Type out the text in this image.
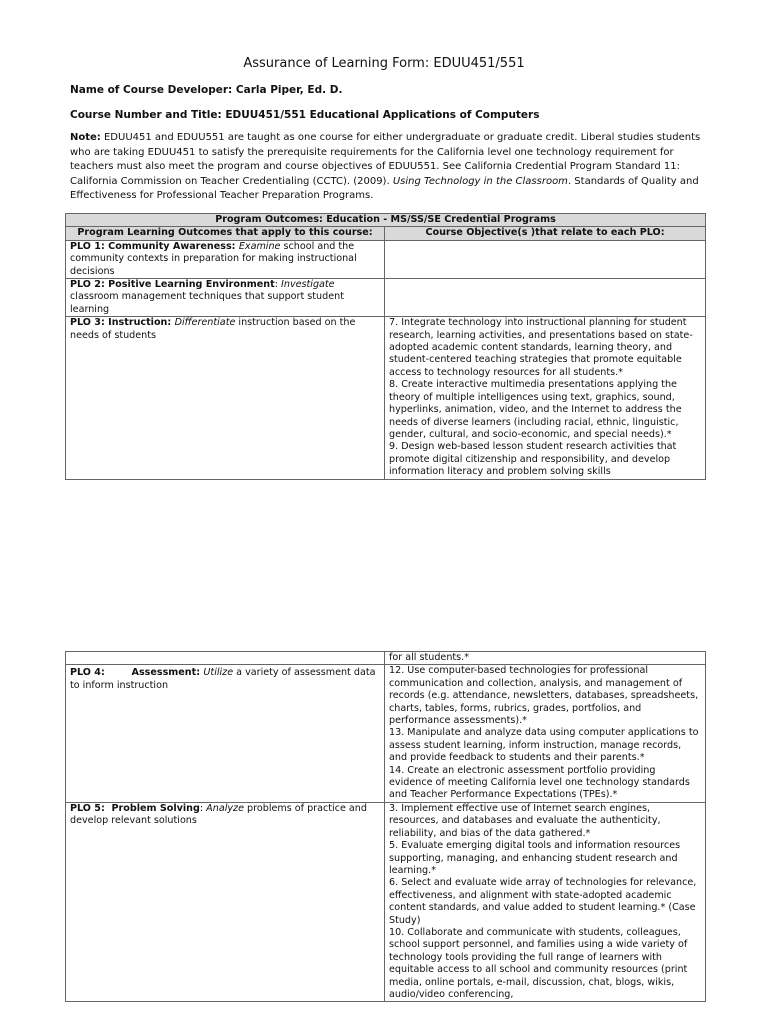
Assurance of Learning Form: EDUU451/551
Name of Course Developer: Carla Piper, Ed. D.
Course Number and Title: EDUU451/551 Educational Applications of Computers
Note: EDUU451 and EDUU551 are taught as one course for either undergraduate or graduate credit. Liberal studies students who are taking EDUU451 to satisfy the prerequisite requirements for the California level one technology requirement for teachers must also meet the program and course objectives of EDUU551. See California Credential Program Standard 11: California Commission on Teacher Credentialing (CCTC). (2009). Using Technology in the Classroom. Standards of Quality and Effectiveness for Professional Teacher Preparation Programs.
Program Outcomes: Education - MS/SS/SE Credential Programs	
Program Learning Outcomes that apply to this course:	Course Objective(s )that relate to each PLO:
PLO 1: Community Awareness: Examine school and the community contexts in preparation for making instructional decisions	
PLO 2: Positive Learning Environment: Investigate classroom management techniques that support student learning	
PLO 3: Instruction: Differentiate instruction based on the needs of students	7. Integrate technology into instructional planning for student research, learning activities, and presentations based on state-adopted academic content standards, learning theory, and student-centered teaching strategies that promote equitable access to technology resources for all students.*
8. Create interactive multimedia presentations applying the theory of multiple intelligences using text, graphics, sound, hyperlinks, animation, video, and the Internet to address the needs of diverse learners (including racial, ethnic, linguistic, gender, cultural, and socio-economic, and special needs).*
9. Design web-based lesson student research activities that promote digital citizenship and responsibility, and develop information literacy and problem solving skills
	for all students.*
PLO 4:        Assessment: Utilize a variety of assessment data to inform instruction	12. Use computer-based technologies for professional communication and collection, analysis, and management of records (e.g. attendance, newsletters, databases, spreadsheets, charts, tables, forms, rubrics, grades, portfolios, and performance assessments).*
13. Manipulate and analyze data using computer applications to assess student learning, inform instruction, manage records, and provide feedback to students and their parents.*
14. Create an electronic assessment portfolio providing evidence of meeting California level one technology standards and Teacher Performance Expectations (TPEs).*

PLO 5:  Problem Solving: Analyze problems of practice and develop relevant solutions	3. Implement effective use of Internet search engines, resources, and databases and evaluate the authenticity, reliability, and bias of the data gathered.*
5. Evaluate emerging digital tools and information resources supporting, managing, and enhancing student research and learning.*
6. Select and evaluate wide array of technologies for relevance, effectiveness, and alignment with state-adopted academic content standards, and value added to student learning.* (Case Study)
10. Collaborate and communicate with students, colleagues, school support personnel, and families using a wide variety of technology tools providing the full range of learners with equitable access to all school and community resources (print media, online portals, e-mail, discussion, chat, blogs, wikis, audio/video conferencing,
